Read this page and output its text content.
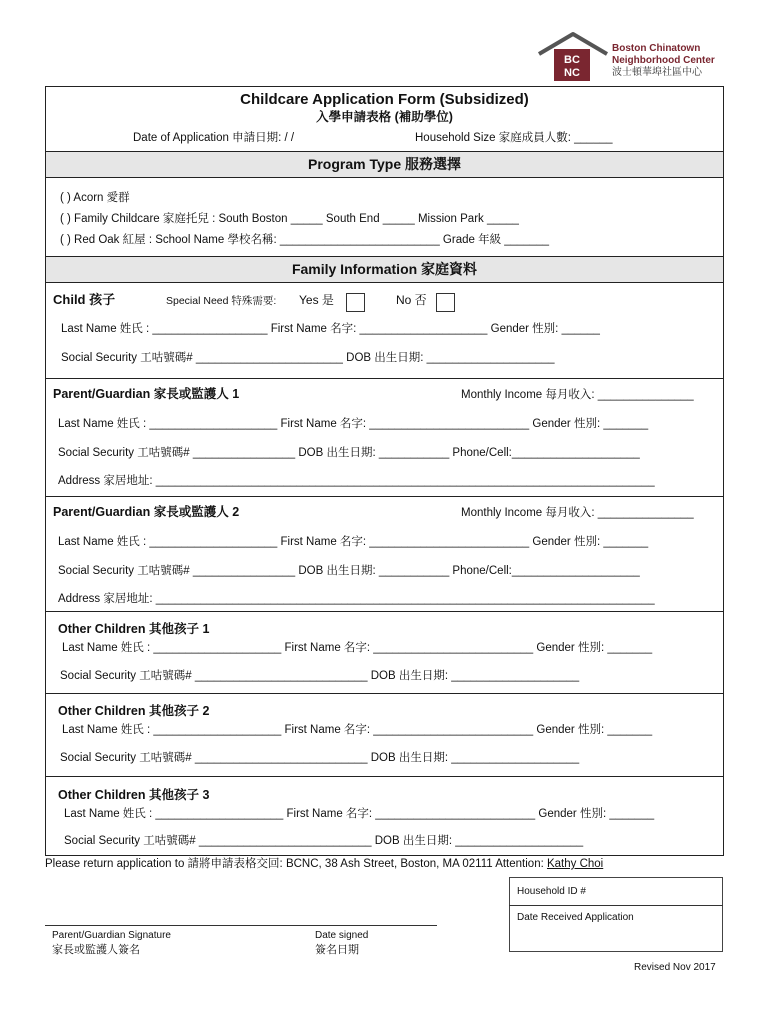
BC
NC
Boston Chinatown
Neighborhood Center
波士頓華埠社區中心
Childcare Application Form (Subsidized)
入學申請表格 (補助學位)
Date of Application 申請日期: / /	Household Size 家庭成員人數: ______
Program Type 服務選擇
( ) Acorn 愛群
( ) Family Childcare 家庭托兒 : South Boston _____ South End _____ Mission Park _____
( ) Red Oak 紅屋 : School Name 學校名稱: _________________________ Grade 年級 _______
Family Information 家庭資料
Child 孩子	Special Need 特殊需要: Yes 是	No 否
Last Name 姓氏 : __________________ First Name 名字: ____________________ Gender 性別: ______
Social Security 工咕號碼# _______________________ DOB 出生日期: ____________________
Parent/Guardian 家長或監護人 1	Monthly Income 每月收入: _______________
Last Name 姓氏 : ____________________ First Name 名字: _________________________ Gender 性別: _______
Social Security 工咕號碼# ________________ DOB 出生日期: ___________ Phone/Cell:____________________
Address 家居地址: ______________________________________________________________________________
Parent/Guardian 家長或監護人 2	Monthly Income 每月收入: _______________
Last Name 姓氏 : ____________________ First Name 名字: _________________________ Gender 性別: _______
Social Security 工咕號碼# ________________ DOB 出生日期: ___________ Phone/Cell:____________________
Address 家居地址: ______________________________________________________________________________
Other Children 其他孩子 1
Last Name 姓氏 : ____________________ First Name 名字: _________________________ Gender 性別: _______
Social Security 工咕號碼# ___________________________ DOB 出生日期: ____________________
Other Children 其他孩子 2
Last Name 姓氏 : ____________________ First Name 名字: _________________________ Gender 性別: _______
Social Security 工咕號碼# ___________________________ DOB 出生日期: ____________________
Other Children 其他孩子 3
Last Name 姓氏 : ____________________ First Name 名字: _________________________ Gender 性別: _______
Social Security 工咕號碼# ___________________________ DOB 出生日期: ____________________
Please return application to 請將申請表格交回: BCNC, 38 Ash Street, Boston, MA 02111 Attention: Kathy Choi
Household ID #
Date Received Application
Parent/Guardian Signature
家長或監護人簽名
Date signed
簽名日期
Revised Nov 2017
